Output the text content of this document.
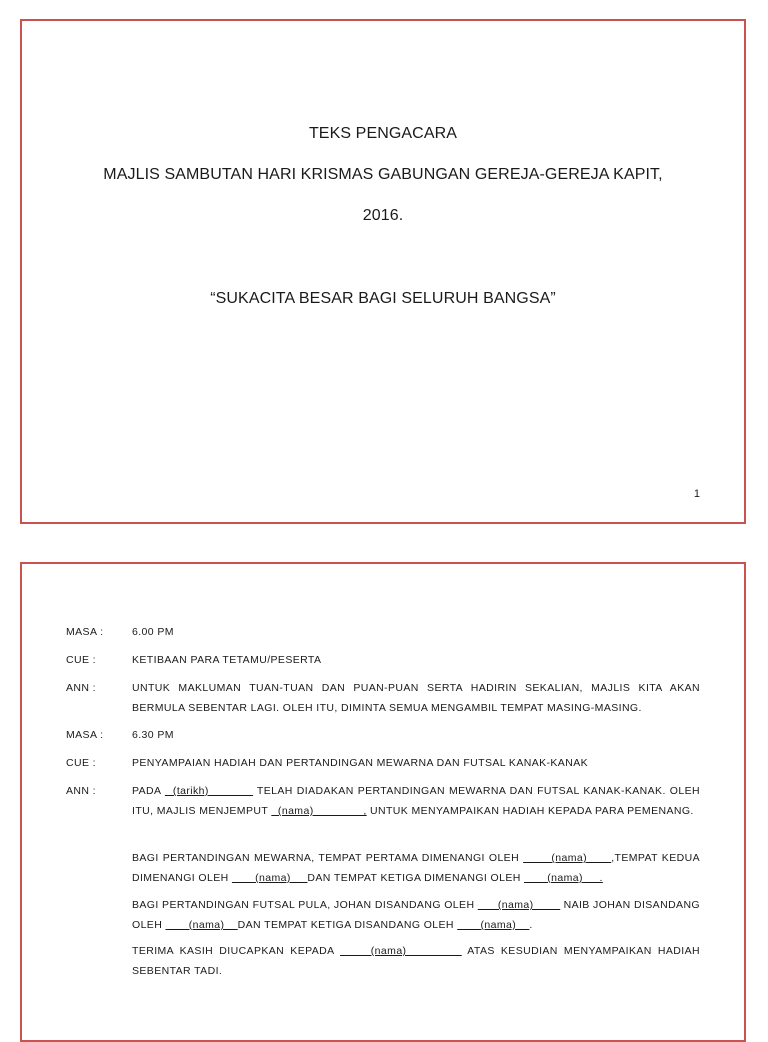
TEKS PENGACARA
MAJLIS SAMBUTAN HARI KRISMAS GABUNGAN GEREJA-GEREJA KAPIT,
2016.
“SUKACITA BESAR BAGI SELURUH BANGSA”
1
MASA :	6.00 PM
CUE :	KETIBAAN PARA TETAMU/PESERTA
ANN :	UNTUK MAKLUMAN TUAN-TUAN DAN PUAN-PUAN SERTA HADIRIN SEKALIAN, MAJLIS KITA AKAN BERMULA SEBENTAR LAGI. OLEH ITU, DIMINTA SEMUA MENGAMBIL TEMPAT MASING-MASING.
MASA :	6.30 PM
CUE :	PENYAMPAIAN HADIAH DAN PERTANDINGAN MEWARNA DAN FUTSAL KANAK-KANAK
ANN :	PADA   (tarikh)            TELAH DIADAKAN PERTANDINGAN MEWARNA DAN FUTSAL KANAK-KANAK. OLEH ITU, MAJLIS MENJEMPUT   (nama)               , UNTUK MENYAMPAIKAN HADIAH KEPADA PARA PEMENANG.
BAGI PERTANDINGAN MEWARNA, TEMPAT PERTAMA DIMENANGI OLEH        (nama)      ,TEMPAT KEDUA DIMENANGI OLEH        (nama)     DAN TEMPAT KETIGA DIMENANGI OLEH        (nama)     .
BAGI PERTANDINGAN FUTSAL PULA, JOHAN DISANDANG OLEH       (nama)         NAIB JOHAN DISANDANG OLEH        (nama)    DAN TEMPAT KETIGA DISANDANG OLEH        (nama)    .
TERIMA KASIH DIUCAPKAN KEPADA      (nama)          ATAS KESUDIAN MENYAMPAIKAN HADIAH SEBENTAR TADI.
